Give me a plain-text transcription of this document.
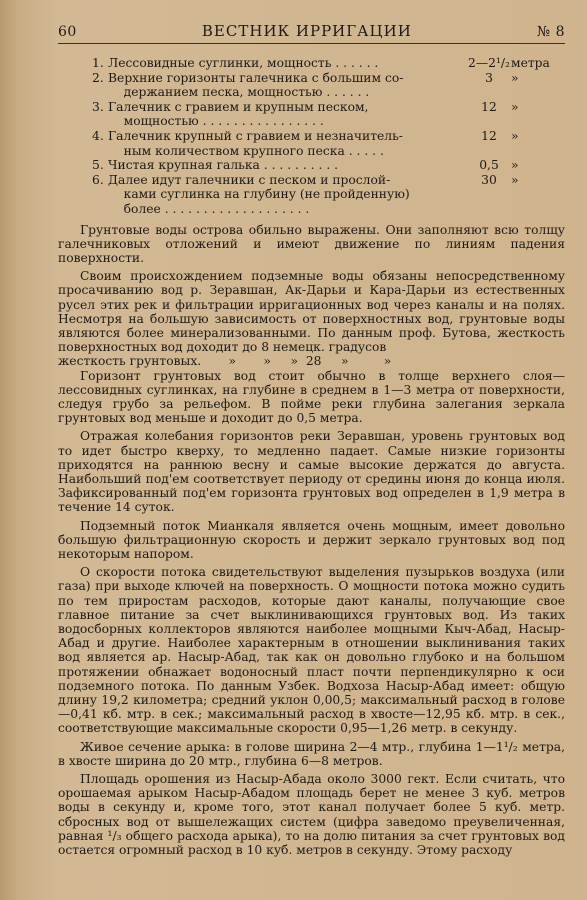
60	ВЕСТНИК ИРРИГАЦИИ	№ 8
1. Лессовидные суглинки, мощность . . . . . .	2—2¹/₂ метра
2. Верхние горизонты галечника с большим со-
держанием песка, мощностью . . . . . .
3	»
3. Галечник с гравием и крупным песком,
мощностью . . . . . . . . . . . . . . . .
12	»
4. Галечник крупный с гравием и незначитель-
ным количеством крупного песка . . . . .
12	»
5. Чистая крупная галька . . . . . . . . . .	0,5 »
6. Далее идут галечники с песком и прослой-
ками суглинка на глубину (не пройденную)
более . . . . . . . . . . . . . . . . . . .
30	»

Грунтовые воды острова обильно выражены. Они заполняют всю толщу галечниковых отложений и имеют движение по линиям падения поверхности.

Своим происхождением подземные воды обязаны непосредственному просачиванию вод р. Зеравшан, Ак-Дарьи и Кара-Дарьи из естественных русел этих рек и фильтрации ирригационных вод через каналы и на полях. Несмотря на большую зависимость от поверхностных вод, грунтовые воды являются более минерализованными. По данным проф. Бутова, жесткость поверхностных вод доходит до 8 немецк. градусов

жесткость грунтовых.       »       »     »  28     »         »

Горизонт грунтовых вод стоит обычно в толще верхнего слоя—лессовидных суглинках, на глубине в среднем в 1—3 метра от поверхности, следуя грубо за рельефом. В пойме реки глубина залегания зеркала грунтовых вод меньше и доходит до 0,5 метра.

Отражая колебания горизонтов реки Зеравшан, уровень грунтовых вод то идет быстро кверху, то медленно падает. Самые низкие горизонты приходятся на раннюю весну и самые высокие держатся до августа. Наибольший под'ем соответствует периоду от средины июня до конца июля. Зафиксированный под'ем горизонта грунтовых вод определен в 1,9 метра в течение 14 суток.

Подземный поток Мианкаля является очень мощным, имеет довольно большую фильтрационную скорость и держит зеркало грунтовых вод под некоторым напором.

О скорости потока свидетельствуют выделения пузырьков воздуха (или газа) при выходе ключей на поверхность. О мощности потока можно судить по тем приростам расходов, которые дают каналы, получающие свое главное питание за счет выклинивающихся грунтовых вод. Из таких водосборных коллекторов являются наиболее мощными Кыч-Абад, Насыр-Абад и другие. Наиболее характерным в отношении выклинивания таких вод является ар. Насыр-Абад, так как он довольно глубоко и на большом протяжении обнажает водоносный пласт почти перпендикулярно к оси подземного потока. По данным Узбек. Водхоза Насыр-Абад имеет: общую длину 19,2 километра; средний уклон 0,00,5; максимальный расход в голове—0,41 кб. мтр. в сек.; максимальный расход в хвосте—12,95 кб. мтр. в сек., соответствующие максимальные скорости 0,95—1,26 метр. в секунду.

Живое сечение арыка: в голове ширина 2—4 мтр., глубина 1—1¹/₂ метра, в хвосте ширина до 20 мтр., глубина 6—8 метров.

Площадь орошения из Насыр-Абада около 3000 гект. Если считать, что орошаемая арыком Насыр-Абадом площадь берет не менее 3 куб. метров воды в секунду и, кроме того, этот канал получает более 5 куб. метр. сбросных вод от вышележащих систем (цифра заведомо преувеличенная, равная ¹/₃ общего расхода арыка), то на долю питания за счет грунтовых вод остается огромный расход в 10 куб. метров в секунду. Этому расходу
